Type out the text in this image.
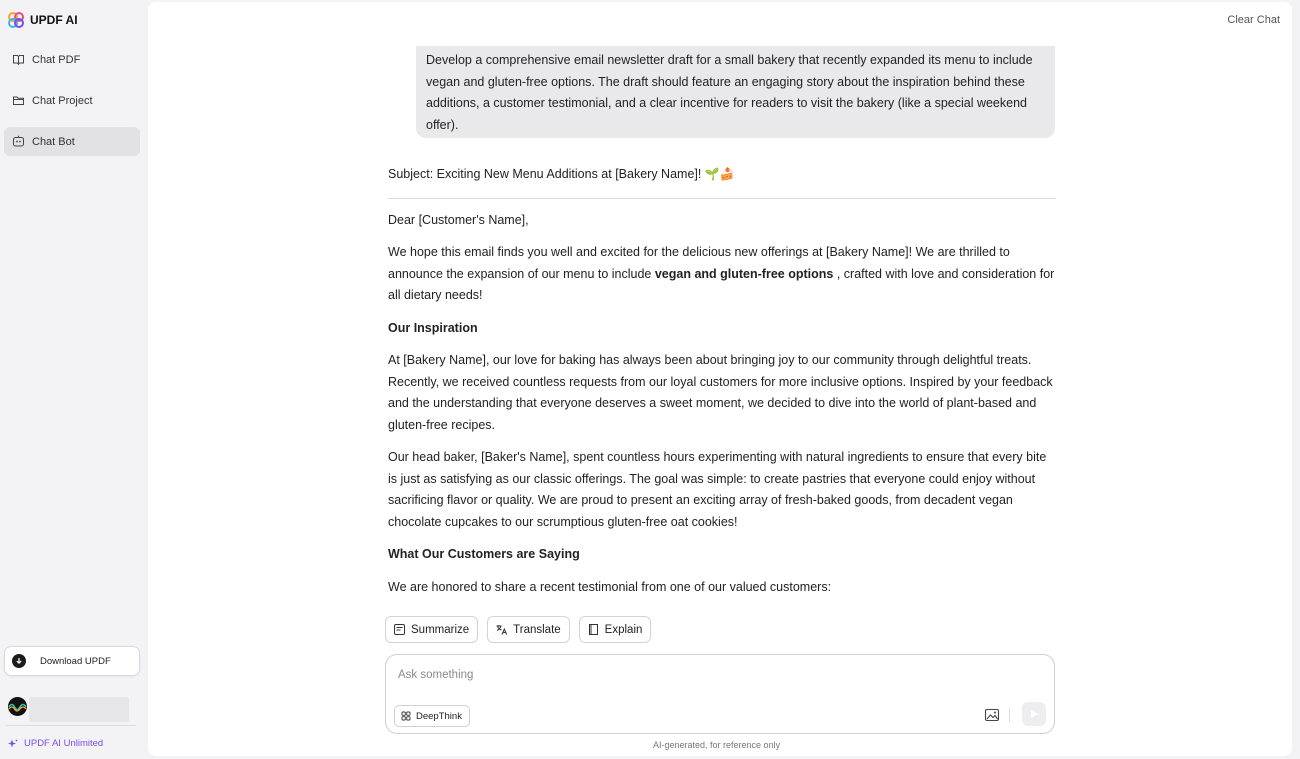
UPDF AI
Chat PDF
Chat Project
Chat Bot
Download UPDF
UPDF AI Unlimited
Clear Chat
Develop a comprehensive email newsletter draft for a small bakery that recently expanded its menu to include vegan and gluten-free options. The draft should feature an engaging story about the inspiration behind these additions, a customer testimonial, and a clear incentive for readers to visit the bakery (like a special weekend offer).

Subject: Exciting New Menu Additions at [Bakery Name]! 🌱🍰

Dear [Customer's Name],

We hope this email finds you well and excited for the delicious new offerings at [Bakery Name]! We are thrilled to announce the expansion of our menu to include vegan and gluten-free options , crafted with love and consideration for all dietary needs!

Our Inspiration

At [Bakery Name], our love for baking has always been about bringing joy to our community through delightful treats. Recently, we received countless requests from our loyal customers for more inclusive options. Inspired by your feedback and the understanding that everyone deserves a sweet moment, we decided to dive into the world of plant-based and gluten-free recipes.

Our head baker, [Baker's Name], spent countless hours experimenting with natural ingredients to ensure that every bite is just as satisfying as our classic offerings. The goal was simple: to create pastries that everyone could enjoy without sacrificing flavor or quality. We are proud to present an exciting array of fresh-baked goods, from decadent vegan chocolate cupcakes to our scrumptious gluten-free oat cookies!

What Our Customers are Saying

We are honored to share a recent testimonial from one of our valued customers:

Summarize	Translate	Explain
Ask something
DeepThink
AI-generated, for reference only
